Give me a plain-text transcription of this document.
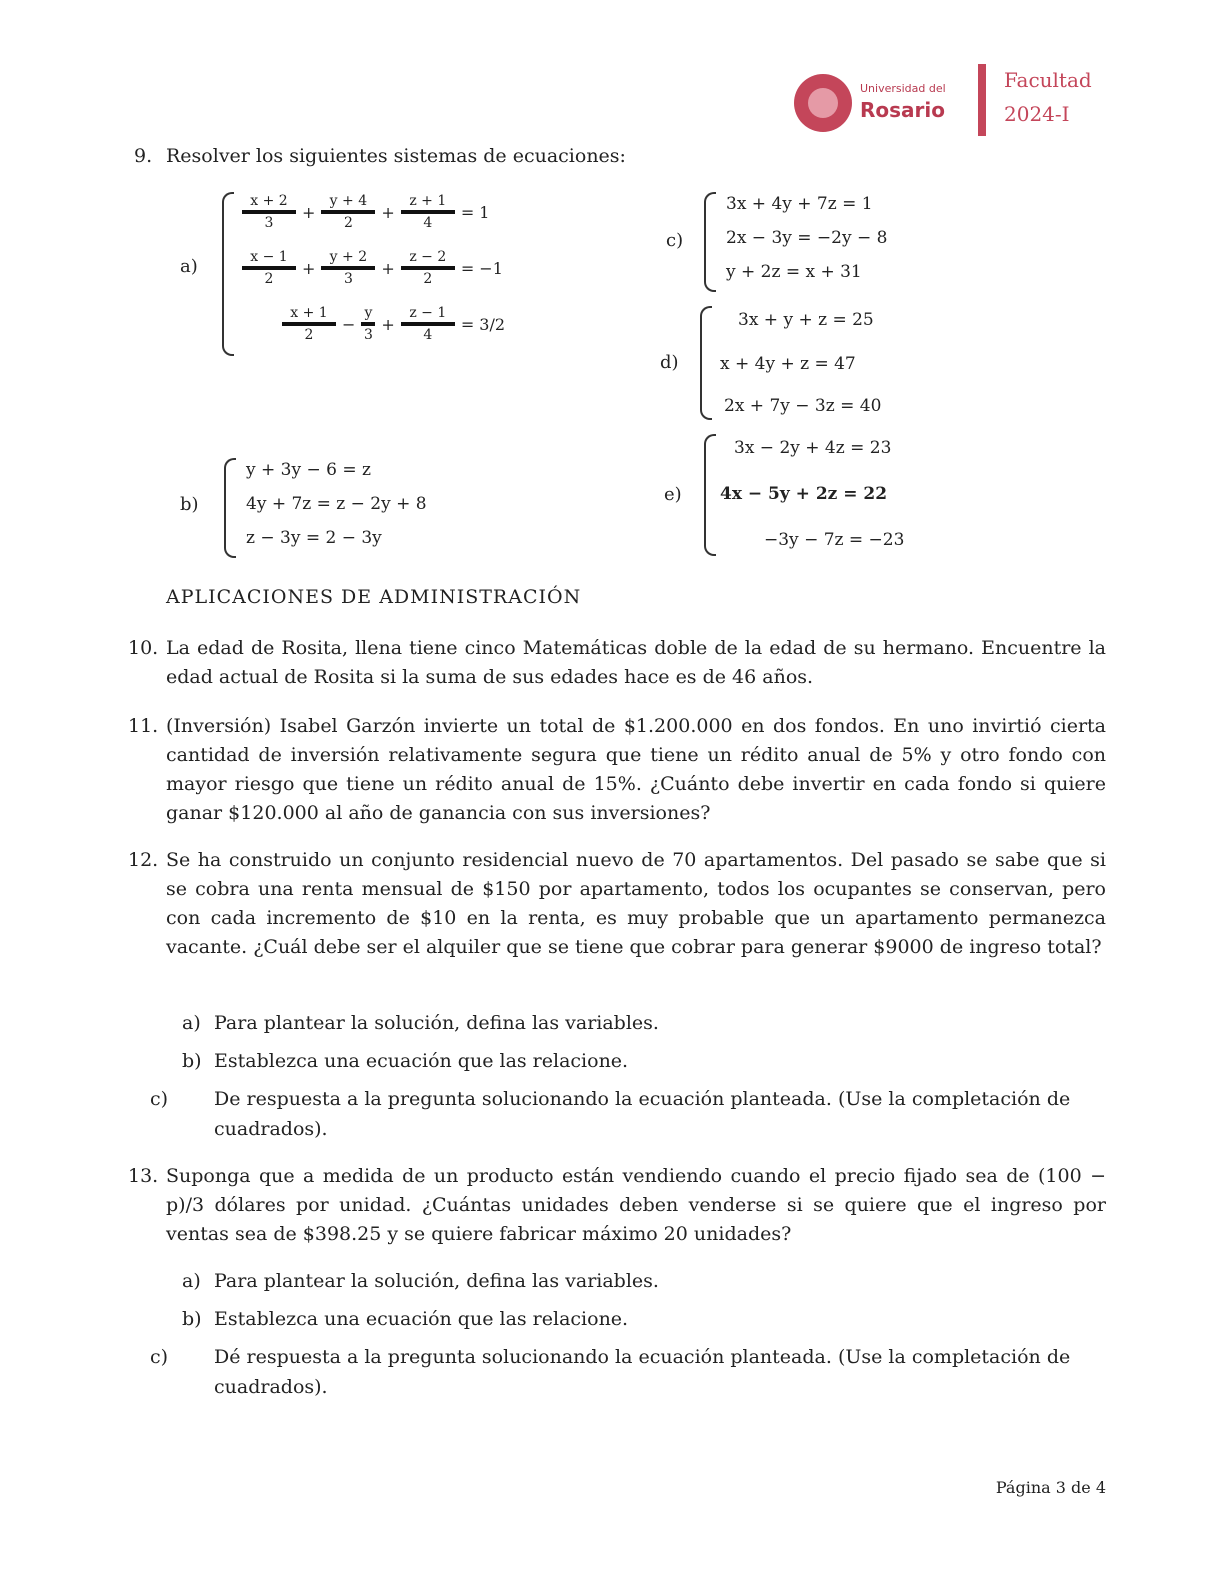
Universidad del
Rosario
Facultad
2024-I
9. Resolver los siguientes sistemas de ecuaciones:
a)
$\frac{x + 2}{3} + \frac{y + 4}{2} + \frac{z + 1}{4} = 1$
$\frac{x - 1}{2} + \frac{y + 2}{3} + \frac{z - 2}{2} = -1$
$\frac{x + 1}{2} - \frac{y}{3} + \frac{z - 1}{4} = 3/2$
c)
3x + 4y + 7z = 1
2x − 3y = −2y − 8
y + 2z = x + 31
d)
3x + y + z = 25
x + 4y + z = 47
2x + 7y − 3z = 40
b)
y + 3y − 6 = z
4y + 7z = z − 2y + 8
z − 3y = 2 − 3y
e)
3x − 2y + 4z = 23
4x − 5y + 2z = 22
−3y − 7z = −23
APLICACIONES DE ADMINISTRACIÓN
10. La edad de Rosita, llena tiene cinco Matemáticas doble de la edad de su hermano. Encuentre la edad actual de Rosita si la suma de sus edades hace es de 46 años.
11. (Inversión) Isabel Garzón invierte un total de $1.200.000 en dos fondos. En uno invirtió cierta cantidad de inversión relativamente segura que tiene un rédito anual de 5% y otro fondo con mayor riesgo que tiene un rédito anual de 15%. ¿Cuánto debe invertir en cada fondo si quiere ganar $120.000 al año de ganancia con sus inversiones?
12. Se ha construido un conjunto residencial nuevo de 70 apartamentos. Del pasado se sabe que si se cobra una renta mensual de $150 por apartamento, todos los ocupantes se conservan, pero con cada incremento de $10 en la renta, es muy probable que un apartamento permanezca vacante. ¿Cuál debe ser el alquiler que se tiene que cobrar para generar $9000 de ingreso total?
a) Para plantear la solución, defina las variables.
b) Establezca una ecuación que las relacione.
c) De respuesta a la pregunta solucionando la ecuación planteada. (Use la completación de cuadrados).
13. Suponga que a medida de un producto están vendiendo cuando el precio fijado sea de (100 − p)/3 dólares por unidad. ¿Cuántas unidades deben venderse si se quiere que el ingreso por ventas sea de $398.25 y se quiere fabricar máximo 20 unidades?
a) Para plantear la solución, defina las variables.
b) Establezca una ecuación que las relacione.
c) Dé respuesta a la pregunta solucionando la ecuación planteada. (Use la completación de cuadrados).
Página 3 de 4
